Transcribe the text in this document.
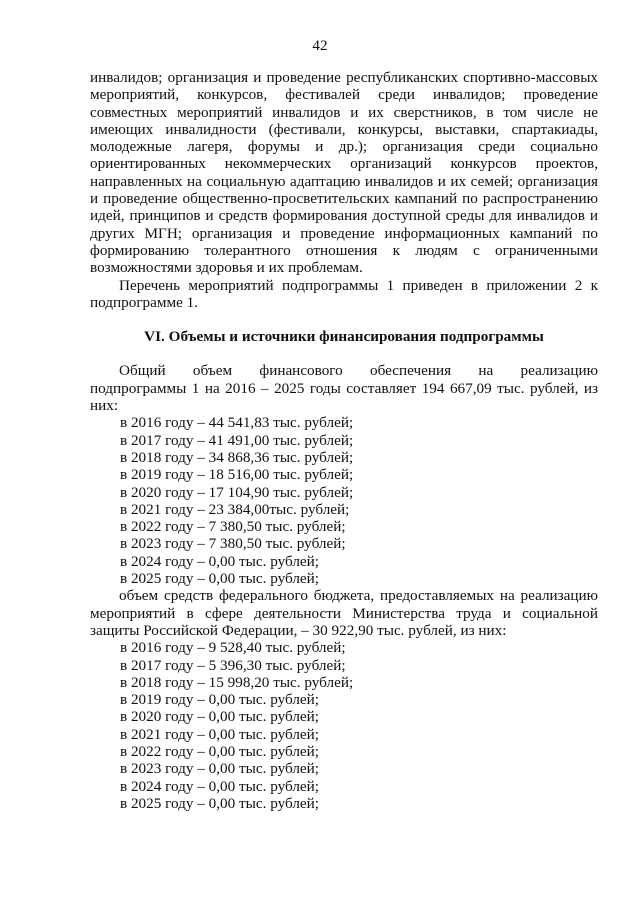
42
инвалидов; организация и проведение республиканских спортивно-массовых
мероприятий, конкурсов, фестивалей среди инвалидов; проведение
совместных мероприятий инвалидов и их сверстников, в том числе не
имеющих инвалидности (фестивали, конкурсы, выставки, спартакиады,
молодежные лагеря, форумы и др.); организация среди социально
ориентированных некоммерческих организаций конкурсов проектов,
направленных на социальную адаптацию инвалидов и их семей; организация
и проведение общественно-просветительских кампаний по распространению
идей, принципов и средств формирования доступной среды для инвалидов и
других МГН; организация и проведение информационных кампаний по
формированию толерантного отношения к людям с ограниченными
возможностями здоровья и их проблемам.
Перечень мероприятий подпрограммы 1 приведен в приложении 2 к
подпрограмме 1.
VI. Объемы и источники финансирования подпрограммы
Общий объем финансового обеспечения на реализацию
подпрограммы 1 на 2016 – 2025 годы составляет 194 667,09 тыс. рублей, из
них:
в 2016 году – 44 541,83 тыс. рублей;
в 2017 году – 41 491,00 тыс. рублей;
в 2018 году – 34 868,36 тыс. рублей;
в 2019 году – 18 516,00 тыс. рублей;
в 2020 году – 17 104,90 тыс. рублей;
в 2021 году – 23 384,00тыс. рублей;
в 2022 году – 7 380,50 тыс. рублей;
в 2023 году – 7 380,50 тыс. рублей;
в 2024 году – 0,00 тыс. рублей;
в 2025 году – 0,00 тыс. рублей;
объем средств федерального бюджета, предоставляемых на реализацию
мероприятий в сфере деятельности Министерства труда и социальной
защиты Российской Федерации, – 30 922,90 тыс. рублей, из них:
в 2016 году – 9 528,40 тыс. рублей;
в 2017 году – 5 396,30 тыс. рублей;
в 2018 году – 15 998,20 тыс. рублей;
в 2019 году – 0,00 тыс. рублей;
в 2020 году – 0,00 тыс. рублей;
в 2021 году – 0,00 тыс. рублей;
в 2022 году – 0,00 тыс. рублей;
в 2023 году – 0,00 тыс. рублей;
в 2024 году – 0,00 тыс. рублей;
в 2025 году – 0,00 тыс. рублей;
